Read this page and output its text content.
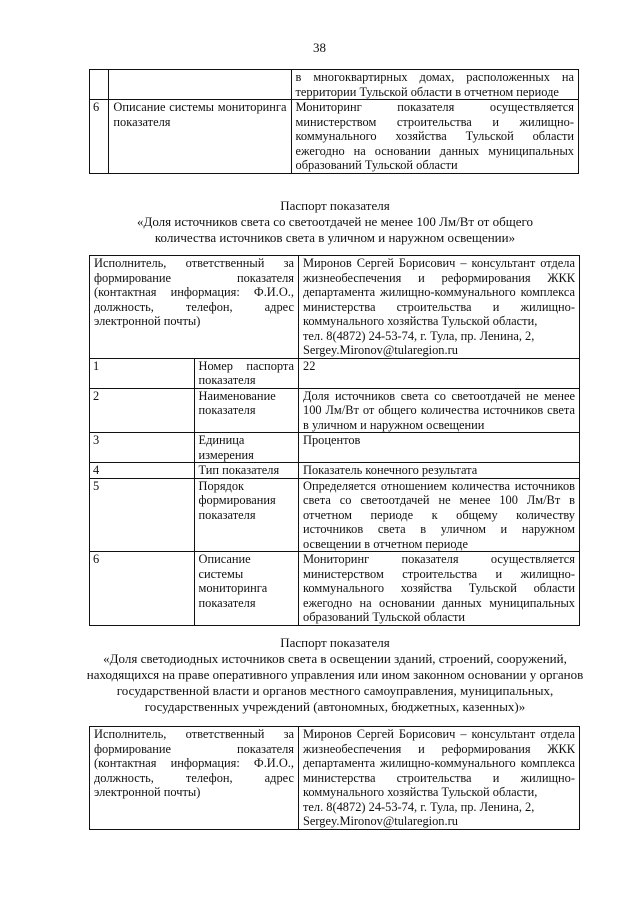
38
		в многоквартирных домах, расположенных на территории Тульской области в отчетном периоде
6	Описание системы мониторинга показателя	Мониторинг показателя осуществляется министерством строительства и жилищно-коммунального хозяйства Тульской области ежегодно на основании данных муниципальных образований Тульской области
Паспорт показателя
«Доля источников света со светоотдачей не менее 100 Лм/Вт от общего
количества источников света в уличном и наружном освещении»
Исполнитель, ответственный за формирование показателя (контактная информация: Ф.И.О., должность, телефон, адрес электронной почты)		Миронов Сергей Борисович – консультант отдела жизнеобеспечения и реформирования ЖКК департамента жилищно-коммунального комплекса министерства строительства и жилищно-коммунального хозяйства Тульской области,
тел. 8(4872) 24-53-74, г. Тула, пр. Ленина, 2,
Sergey.Mironov@tularegion.ru
1	Номер паспорта показателя	22
2	Наименование показателя	Доля источников света со светоотдачей не менее 100 Лм/Вт от общего количества источников света в уличном и наружном освещении
3	Единица измерения	Процентов
4	Тип показателя	Показатель конечного результата
5	Порядок формирования показателя	Определяется отношением количества источников света со светоотдачей не менее 100 Лм/Вт в отчетном периоде к общему количеству источников света в уличном и наружном освещении в отчетном периоде
6	Описание системы мониторинга показателя	Мониторинг показателя осуществляется министерством строительства и жилищно-коммунального хозяйства Тульской области ежегодно на основании данных муниципальных образований Тульской области
Паспорт показателя
«Доля светодиодных источников света в освещении зданий, строений, сооружений,
находящихся на праве оперативного управления или ином законном основании у органов
государственной власти и органов местного самоуправления, муниципальных,
государственных учреждений (автономных, бюджетных, казенных)»
Исполнитель, ответственный за формирование показателя (контактная информация: Ф.И.О., должность, телефон, адрес электронной почты)	Миронов Сергей Борисович – консультант отдела жизнеобеспечения и реформирования ЖКК департамента жилищно-коммунального комплекса министерства строительства и жилищно-коммунального хозяйства Тульской области,
тел. 8(4872) 24-53-74, г. Тула, пр. Ленина, 2,
Sergey.Mironov@tularegion.ru
